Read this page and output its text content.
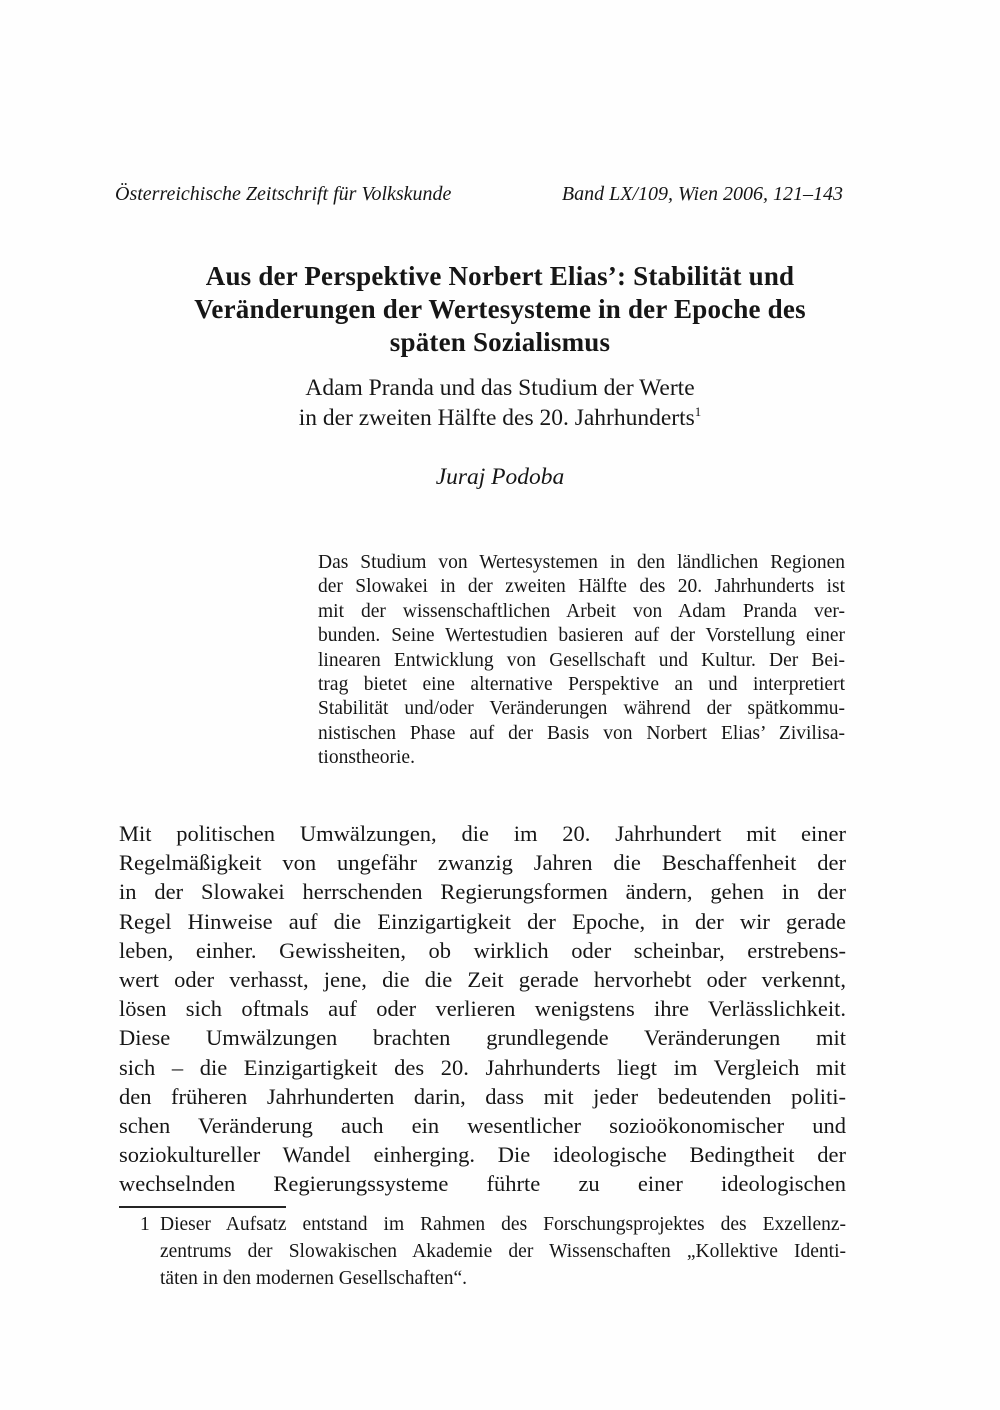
Österreichische Zeitschrift für Volkskunde	Band LX/109, Wien 2006, 121–143
Aus der Perspektive Norbert Elias’: Stabilität und
Veränderungen der Wertesysteme in der Epoche des
späten Sozialismus
Adam Pranda und das Studium der Werte
in der zweiten Hälfte des 20. Jahrhunderts$^1$
Juraj Podoba
Das Studium von Wertesystemen in den ländlichen Regionen
der Slowakei in der zweiten Hälfte des 20. Jahrhunderts ist
mit der wissenschaftlichen Arbeit von Adam Pranda ver-
bunden. Seine Wertestudien basieren auf der Vorstellung einer
linearen Entwicklung von Gesellschaft und Kultur. Der Bei-
trag bietet eine alternative Perspektive an und interpretiert
Stabilität und/oder Veränderungen während der spätkommu-
nistischen Phase auf der Basis von Norbert Elias’ Zivilisa-
tionstheorie.
Mit politischen Umwälzungen, die im 20. Jahrhundert mit einer
Regelmäßigkeit von ungefähr zwanzig Jahren die Beschaffenheit der
in der Slowakei herrschenden Regierungsformen ändern, gehen in der
Regel Hinweise auf die Einzigartigkeit der Epoche, in der wir gerade
leben, einher. Gewissheiten, ob wirklich oder scheinbar, erstrebens-
wert oder verhasst, jene, die die Zeit gerade hervorhebt oder verkennt,
lösen sich oftmals auf oder verlieren wenigstens ihre Verlässlichkeit.
Diese Umwälzungen brachten grundlegende Veränderungen mit
sich – die Einzigartigkeit des 20. Jahrhunderts liegt im Vergleich mit
den früheren Jahrhunderten darin, dass mit jeder bedeutenden politi-
schen Veränderung auch ein wesentlicher sozioökonomischer und
soziokultureller Wandel einherging. Die ideologische Bedingtheit der
wechselnden Regierungssysteme führte zu einer ideologischen
1 Dieser Aufsatz entstand im Rahmen des Forschungsprojektes des Exzellenz-
zentrums der Slowakischen Akademie der Wissenschaften „Kollektive Identi-
täten in den modernen Gesellschaften“.
